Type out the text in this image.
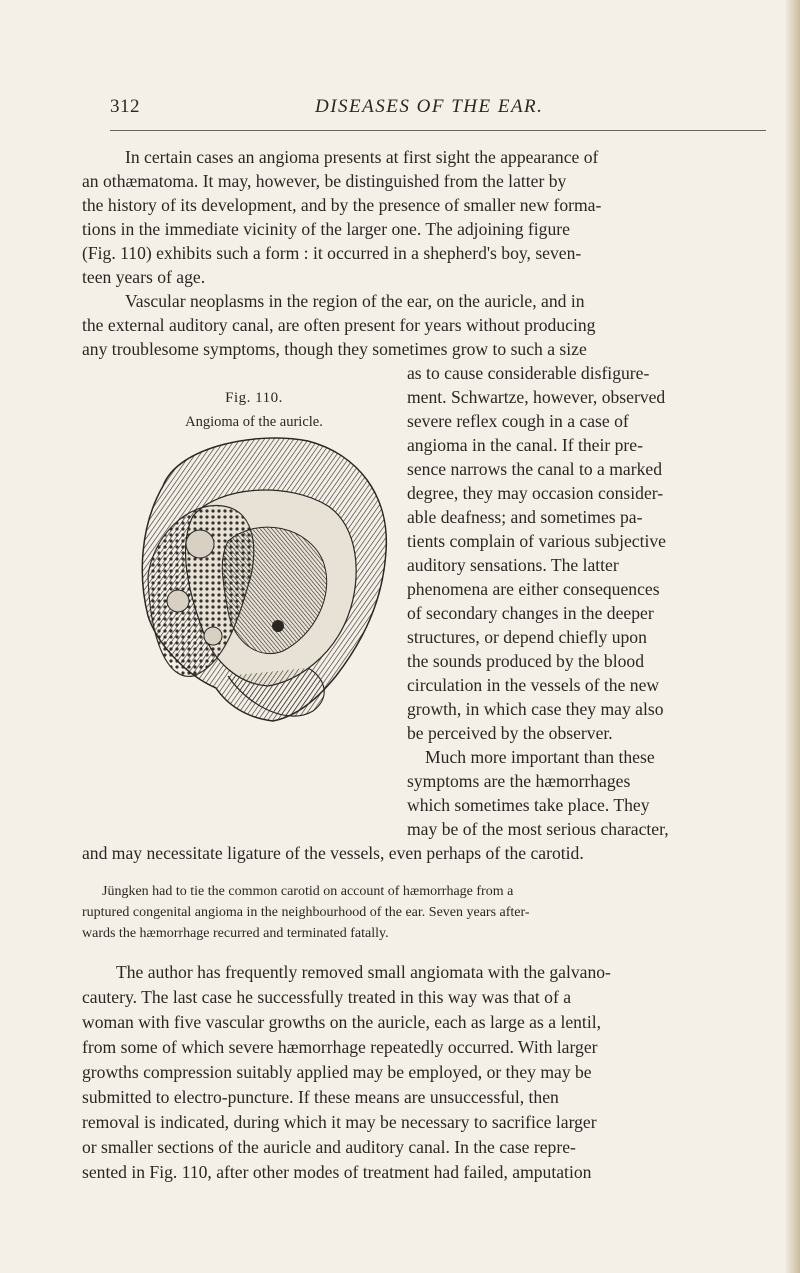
312	DISEASES OF THE EAR.
In certain cases an angioma presents at first sight the appearance of
an othæmatoma. It may, however, be distinguished from the latter by
the history of its development, and by the presence of smaller new forma-
tions in the immediate vicinity of the larger one. The adjoining figure
(Fig. 110) exhibits such a form : it occurred in a shepherd's boy, seven-
teen years of age.
Vascular neoplasms in the region of the ear, on the auricle, and in
the external auditory canal, are often present for years without producing
any troublesome symptoms, though they sometimes grow to such a size
Fig. 110.
Angioma of the auricle.
as to cause considerable disfigure-
ment. Schwartze, however, observed
severe reflex cough in a case of
angioma in the canal. If their pre-
sence narrows the canal to a marked
degree, they may occasion consider-
able deafness; and sometimes pa-
tients complain of various subjective
auditory sensations. The latter
phenomena are either consequences
of secondary changes in the deeper
structures, or depend chiefly upon
the sounds produced by the blood
circulation in the vessels of the new
growth, in which case they may also
be perceived by the observer.
Much more important than these
symptoms are the hæmorrhages
which sometimes take place. They
may be of the most serious character,
and may necessitate ligature of the vessels, even perhaps of the carotid.
Jüngken had to tie the common carotid on account of hæmorrhage from a
ruptured congenital angioma in the neighbourhood of the ear. Seven years after-
wards the hæmorrhage recurred and terminated fatally.
The author has frequently removed small angiomata with the galvano-
cautery. The last case he successfully treated in this way was that of a
woman with five vascular growths on the auricle, each as large as a lentil,
from some of which severe hæmorrhage repeatedly occurred. With larger
growths compression suitably applied may be employed, or they may be
submitted to electro-puncture. If these means are unsuccessful, then
removal is indicated, during which it may be necessary to sacrifice larger
or smaller sections of the auricle and auditory canal. In the case repre-
sented in Fig. 110, after other modes of treatment had failed, amputation
